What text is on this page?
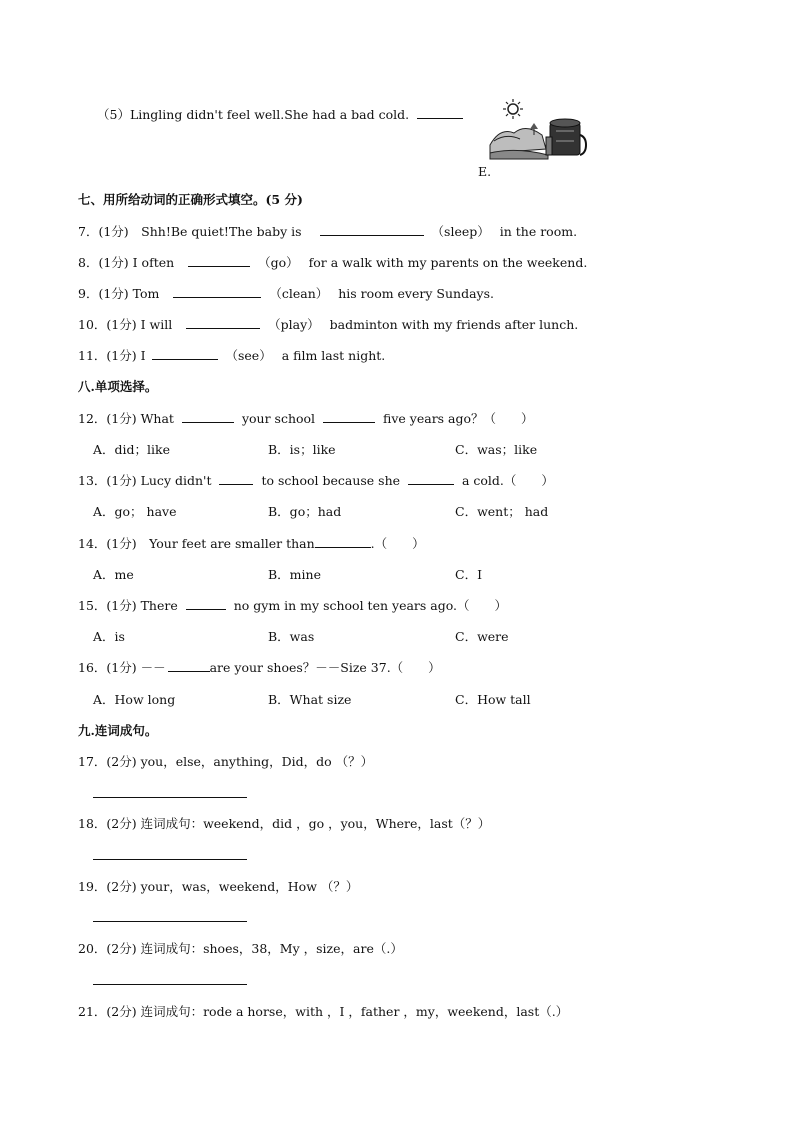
（5）Lingling didn't feel well.She had a bad cold.
E.
七、用所给动词的正确形式填空。(5 分)
7．(1分)　Shh!Be quiet!The baby is	（sleep） in the room.
8．(1分) I often	（go） for a walk with my parents on the weekend.
9．(1分) Tom	（clean） his room every Sundays.
10．(1分) I will	（play） badminton with my friends after lunch.
11．(1分) I	（see） a film last night.
八.单项选择。
12．(1分) What	your school	five years ago？（　　）
A．did；like	B．is；like	C．was；like
13．(1分) Lucy didn't	to school because she	a cold.（　　）
A．go； have	B．go；had	C．went； had
14．(1分)　Your feet are smaller than	.（　　）
A．me	B．mine	C．I
15．(1分) There	no gym in my school ten years ago.（　　）
A．is	B．was	C．were
16．(1分) －－	are your shoes？－－Size 37.（　　）
A．How long	B．What size	C．How tall
九.连词成句。
17．(2分) you，else，anything，Did，do （？）
18．(2分) 连词成句：weekend，did ，go ，you，Where，last（？）
19．(2分) your，was，weekend，How （？）
20．(2分) 连词成句：shoes，38，My ，size，are（.）
21．(2分) 连词成句：rode a horse，with ，I ，father ，my，weekend，last（.）
